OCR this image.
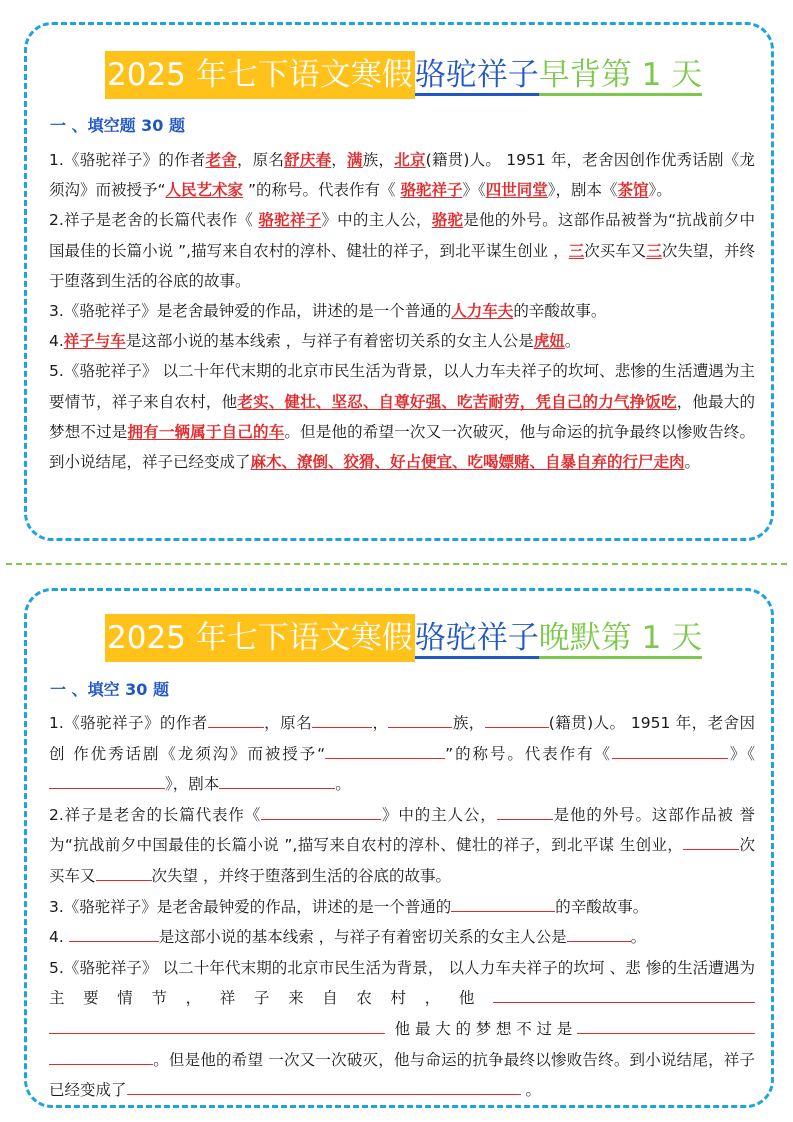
2025 年七下语文寒假骆驼祥子早背第 1 天
一 、填空题 30 题

1.《骆驼祥子》的作者老舍，原名舒庆春，满族，北京(籍贯)人。 1951 年，老舍因创作优秀话剧《龙须沟》而被授予“人民艺术家 ”的称号。代表作有《 骆驼祥子》《四世同堂》，剧本《茶馆》。

2.祥子是老舍的长篇代表作《 骆驼祥子》中的主人公，骆驼是他的外号。这部作品被誉为“抗战前夕中国最佳的长篇小说 ”,描写来自农村的淳朴、健壮的祥子，到北平谋生创业 ，三次买车又三次失望，并终于堕落到生活的谷底的故事。

3.《骆驼祥子》是老舍最钟爱的作品，讲述的是一个普通的人力车夫的辛酸故事。

4.祥子与车是这部小说的基本线索 ，与祥子有着密切关系的女主人公是虎妞。

5.《骆驼祥子》 以二十年代末期的北京市民生活为背景，以人力车夫祥子的坎坷、悲惨的生活遭遇为主要情节，祥子来自农村，他老实、健壮、坚忍、自尊好强、吃苦耐劳，凭自己的力气挣饭吃，他最大的梦想不过是拥有一辆属于自己的车。但是他的希望一次又一次破灭，他与命运的抗争最终以惨败告终。到小说结尾，祥子已经变成了麻木、潦倒、狡猾、好占便宜、吃喝嫖赌、自暴自弃的行尸走肉。

2025 年七下语文寒假骆驼祥子晚默第 1 天
一 、填空 30 题

1.《骆驼祥子》的作者	，原名	，	族，	(籍贯)人。 1951 年，老舍因创 作优秀话剧《龙须沟》而被授予“	”的称号。代表作有《	》《》，剧本	。

2.祥子是老舍的长篇代表作《	》中的主人公，	是他的外号。这部作品被 誉为“抗战前夕中国最佳的长篇小说 ”,描写来自农村的淳朴、健壮的祥子，到北平谋 生创业，	次买车又	次失望 ，并终于堕落到生活的谷底的故事。

3.《骆驼祥子》是老舍最钟爱的作品，讲述的是一个普通的	的辛酸故事。

4.	是这部小说的基本线索 ，与祥子有着密切关系的女主人公是	。

5.《骆驼祥子》 以二十年代末期的北京市民生活为背景， 以人力车夫祥子的坎坷 、悲 惨的生活遭遇为主要情节，祥子来自农村，他 他最大的梦想不过是。但是他的希望 一次又一次破灭，他与命运的抗争最终以惨败告终。到小说结尾，祥子已经变成了	。
